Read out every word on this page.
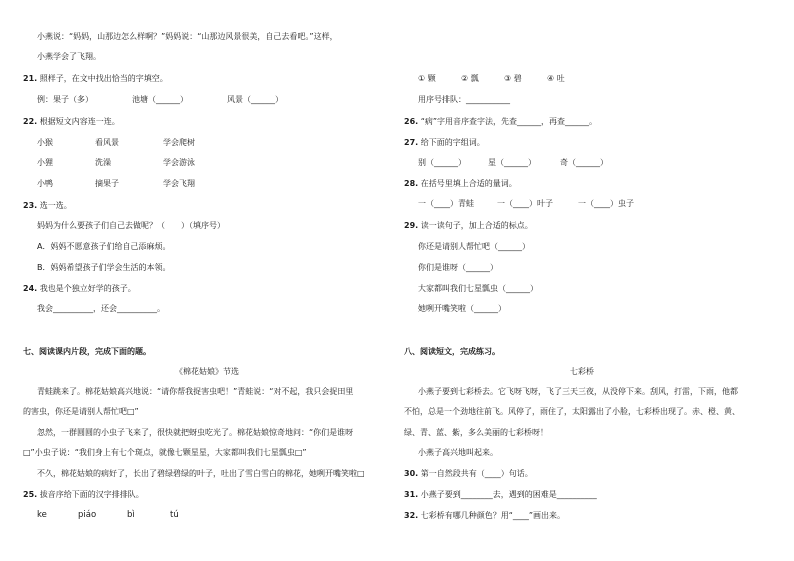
小燕说：“妈妈，山那边怎么样啊？”妈妈说：“山那边风景很美，自己去看吧。”这样，
小燕学会了飞翔。
21. 照样子，在文中找出恰当的字填空。
例：果子（多）	池塘（______）	风景（______）
22. 根据短文内容连一连。
小猴	看风景	学会爬树
小狸	洗澡	学会游泳
小鸭	摘果子	学会飞翔
23. 选一选。
妈妈为什么要孩子们自己去做呢？（　　）（填序号）
A．妈妈不愿意孩子们给自己添麻烦。
B．妈妈希望孩子们学会生活的本领。
24. 我也是个独立好学的孩子。
我会__________，还会__________。
七、阅读课内片段，完成下面的题。
《棉花姑娘》节选
青蛙跳来了。棉花姑娘高兴地说：“请你帮我捉害虫吧！”青蛙说：“对不起，我只会捉田里
的害虫，你还是请别人帮忙吧□”
忽然，一群圆圆的小虫子飞来了，很快就把蚜虫吃光了。棉花姑娘惊奇地问：“你们是谁呀
□”小虫子说：“我们身上有七个斑点，就像七颗星星，大家都叫我们七星瓢虫□”
不久，棉花姑娘的病好了，长出了碧绿碧绿的叶子，吐出了雪白雪白的棉花，她咧开嘴笑啦□
25. 拔音序给下面的汉字排排队。
ke	piáo	bì	tú
① 颗	② 瓢	③ 碧	④ 吐
用序号排队：___________
26. “病”字用音序查字法，先查______，再查______。
27. 给下面的字组词。
别（______）	星（______）	奇（______）
28. 在括号里填上合适的量词。
一（____）青蛙	一（____）叶子	一（____）虫子
29. 读一读句子，加上合适的标点。
你还是请别人帮忙吧（______）
你们是谁呀（______）
大家都叫我们七星瓢虫（______）
她咧开嘴笑啦（______）
八、阅读短文，完成练习。
七彩桥
小燕子要到七彩桥去。它飞呀飞呀，飞了三天三夜，从没停下来。刮风，打雷，下雨，他都
不怕，总是一个劲地往前飞。风停了，雨住了，太阳露出了小脸，七彩桥出现了。赤、橙、黄、
绿、青、蓝、紫，多么美丽的七彩桥呀！
小燕子高兴地叫起来。
30. 第一自然段共有（____）句话。
31. 小燕子要到________去，遇到的困难是__________
32. 七彩桥有哪几种颜色？用“____”画出来。
